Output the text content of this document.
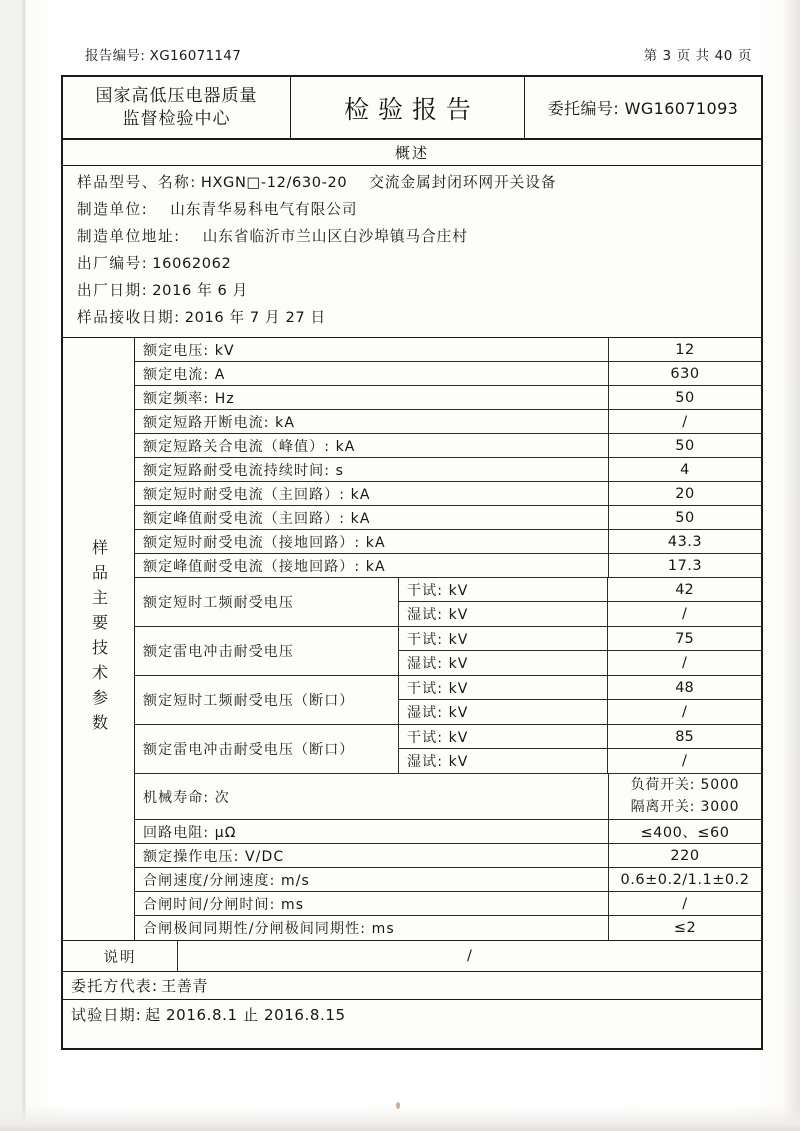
报告编号: XG16071147	第 3 页 共 40 页
国家高低压电器质量
监督检验中心	检验报告	委托编号: WG16071093
概述
样品型号、名称: HXGN□-12/630-20 交流金属封闭环网开关设备
制造单位: 山东青华易科电气有限公司
制造单位地址: 山东省临沂市兰山区白沙埠镇马合庄村
出厂编号: 16062062
出厂日期: 2016 年 6 月
样品接收日期: 2016 年 7 月 27 日
样品主要技术参数
额定电压: kV	12
额定电流: A	630
额定频率: Hz	50
额定短路开断电流: kA	/
额定短路关合电流（峰值）: kA	50
额定短路耐受电流持续时间: s	4
额定短时耐受电流（主回路）: kA	20
额定峰值耐受电流（主回路）: kA	50
额定短时耐受电流（接地回路）: kA	43.3
额定峰值耐受电流（接地回路）: kA	17.3
额定短时工频耐受电压
干试: kV	42
湿试: kV	/
额定雷电冲击耐受电压
干试: kV	75
湿试: kV	/
额定短时工频耐受电压（断口）
干试: kV	48
湿试: kV	/
额定雷电冲击耐受电压（断口）
干试: kV	85
湿试: kV	/
机械寿命: 次
负荷开关: 5000
隔离开关: 3000
回路电阻: μΩ	≤400、≤60
额定操作电压: V/DC	220
合闸速度/分闸速度: m/s	0.6±0.2/1.1±0.2
合闸时间/分闸时间: ms	/
合闸极间同期性/分闸极间同期性: ms	≤2
说明	/
委托方代表: 王善青
试验日期: 起 2016.8.1 止 2016.8.15
